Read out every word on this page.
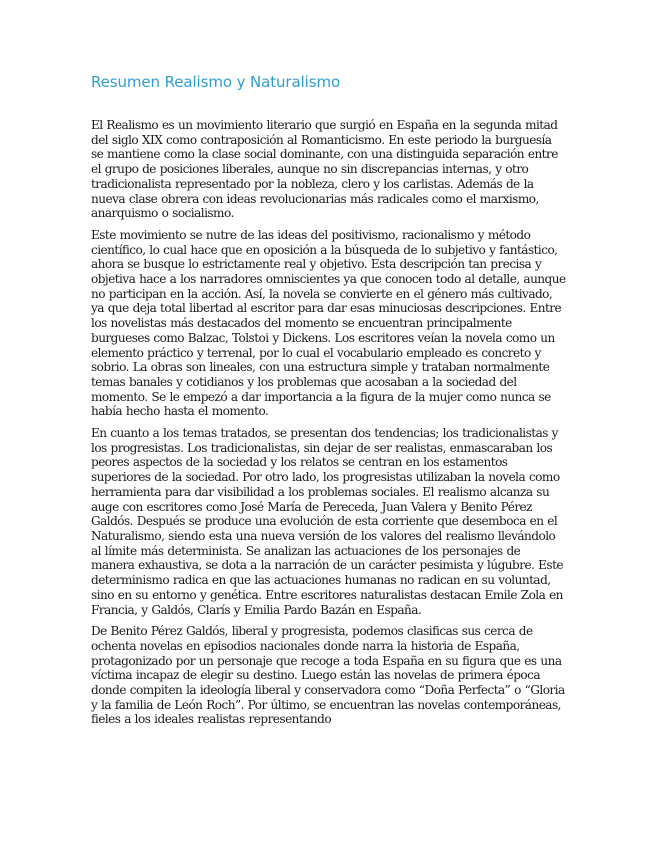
Resumen Realismo y Naturalismo

El Realismo es un movimiento literario que surgió en España en la segunda mitad del siglo XIX como contraposición al Romanticismo. En este periodo la burguesía se mantiene como la clase social dominante, con una distinguida separación entre el grupo de posiciones liberales, aunque no sin discrepancias internas, y otro tradicionalista representado por la nobleza, clero y los carlistas. Además de la nueva clase obrera con ideas revolucionarias más radicales como el marxismo, anarquismo o socialismo.

Este movimiento se nutre de las ideas del positivismo, racionalismo y método científico, lo cual hace que en oposición a la búsqueda de lo subjetivo y fantástico, ahora se busque lo estrictamente real y objetivo. Esta descripción tan precisa y objetiva hace a los narradores omniscientes ya que conocen todo al detalle, aunque no participan en la acción. Así, la novela se convierte en el género más cultivado, ya que deja total libertad al escritor para dar esas minuciosas descripciones. Entre los novelistas más destacados del momento se encuentran principalmente burgueses como Balzac, Tolstoi y Dickens. Los escritores veían la novela como un elemento práctico y terrenal, por lo cual el vocabulario empleado es concreto y sobrio. La obras son lineales, con una estructura simple y trataban normalmente temas banales y cotidianos y los problemas que acosaban a la sociedad del momento. Se le empezó a dar importancia a la figura de la mujer como nunca se había hecho hasta el momento.

En cuanto a los temas tratados, se presentan dos tendencias; los tradicionalistas y los progresistas. Los tradicionalistas, sin dejar de ser realistas, enmascaraban los peores aspectos de la sociedad y los relatos se centran en los estamentos superiores de la sociedad. Por otro lado, los progresistas utilizaban la novela como herramienta para dar visibilidad a los problemas sociales. El realismo alcanza su auge con escritores como José María de Pereceda, Juan Valera y Benito Pérez Galdós. Después se produce una evolución de esta corriente que desemboca en el Naturalismo, siendo esta una nueva versión de los valores del realismo llevándolo al límite más determinista. Se analizan las actuaciones de los personajes de manera exhaustiva, se dota a la narración de un carácter pesimista y lúgubre. Este determinismo radica en que las actuaciones humanas no radican en su voluntad, sino en su entorno y genética. Entre escritores naturalistas destacan Emile Zola en Francia, y Galdós, Clarís y Emilia Pardo Bazán en España.

De Benito Pérez Galdós, liberal y progresista, podemos clasificas sus cerca de ochenta novelas en episodios nacionales donde narra la historia de España, protagonizado por un personaje que recoge a toda España en su figura que es una víctima incapaz de elegir su destino. Luego están las novelas de primera época donde compiten la ideología liberal y conservadora como “Doña Perfecta” o “Gloria y la familia de León Roch”. Por último, se encuentran las novelas contemporáneas, fieles a los ideales realistas representando
